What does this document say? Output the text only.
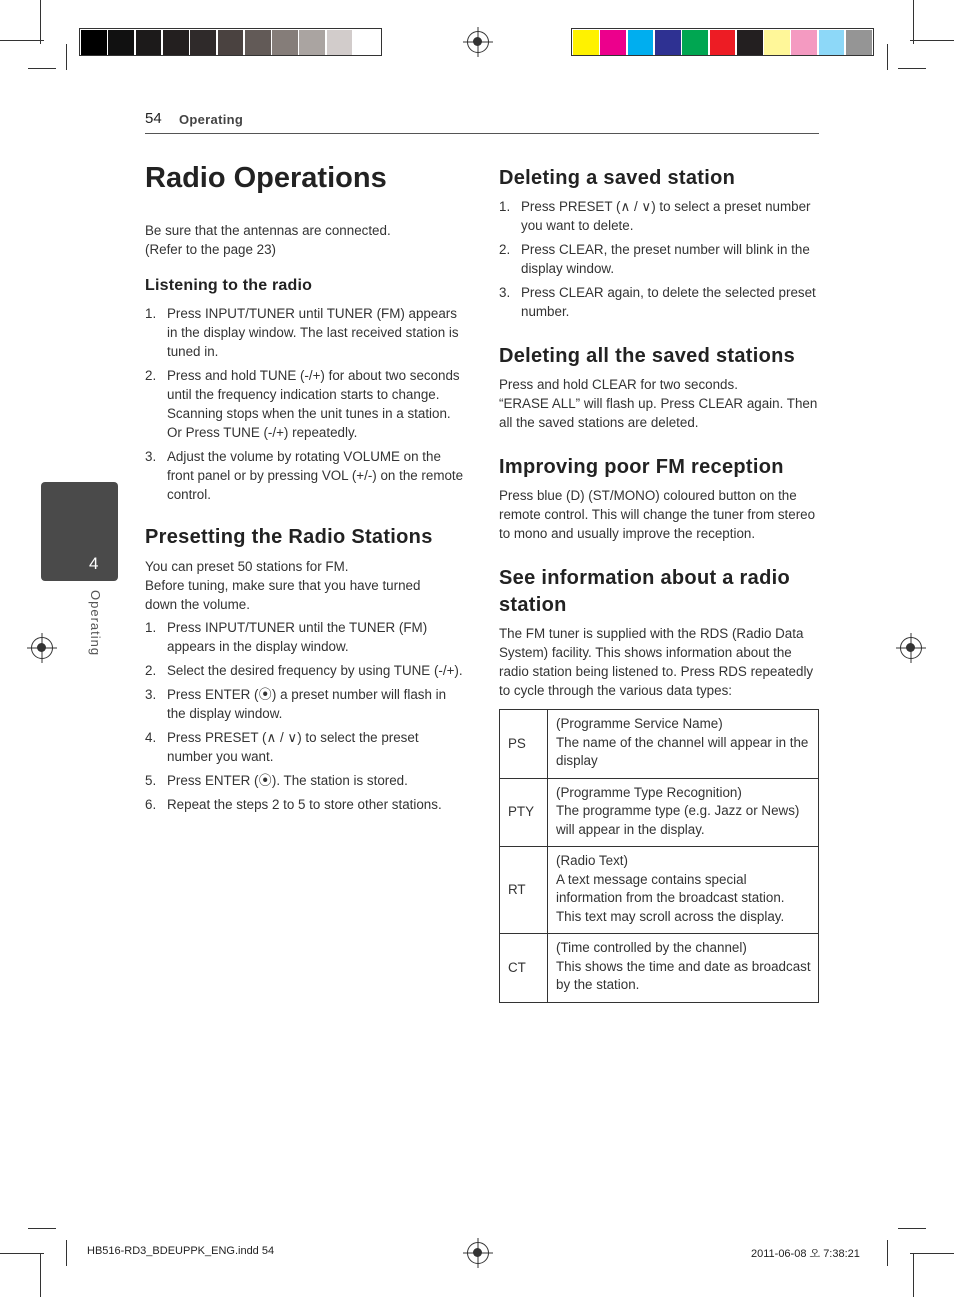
54 Operating
4
Operating
Radio Operations

Be sure that the antennas are connected.
(Refer to the page 23)

Listening to the radio
1. Press INPUT/TUNER until TUNER (FM) appears in the display window. The last received station is tuned in.
2. Press and hold TUNE (-/+) for about two seconds until the frequency indication starts to change. Scanning stops when the unit tunes in a station. Or Press TUNE (-/+) repeatedly.
3. Adjust the volume by rotating VOLUME on the front panel or by pressing VOL (+/-) on the remote control.
Presetting the Radio Stations

You can preset 50 stations for FM.
Before tuning, make sure that you have turned down the volume.

1. Press INPUT/TUNER until the TUNER (FM) appears in the display window.
2. Select the desired frequency by using TUNE (-/+).
3. Press ENTER (⦿) a preset number will flash in the display window.
4. Press PRESET (∧ / ∨) to select the preset number you want.
5. Press ENTER (⦿). The station is stored.
6. Repeat the steps 2 to 5 to store other stations.
Deleting a saved station
1. Press PRESET (∧ / ∨) to select a preset number you want to delete.
2. Press CLEAR, the preset number will blink in the display window.
3. Press CLEAR again, to delete the selected preset number.
Deleting all the saved stations

Press and hold CLEAR for two seconds.
“ERASE ALL” will flash up. Press CLEAR again. Then all the saved stations are deleted.

Improving poor FM reception

Press blue (D) (ST/MONO) coloured button on the remote control. This will change the tuner from stereo to mono and usually improve the reception.

See information about a radio
station

The FM tuner is supplied with the RDS (Radio Data System) facility. This shows information about the radio station being listened to. Press RDS repeatedly to cycle through the various data types:

PS	(Programme Service Name)
The name of the channel will appear in the display
PTY	(Programme Type Recognition)
The programme type (e.g. Jazz or News) will appear in the display.
RT	(Radio Text)
A text message contains special information from the broadcast station. This text may scroll across the display.
CT	(Time controlled by the channel)
This shows the time and date as broadcast by the station.
HB516-RD3_BDEUPPK_ENG.indd 54	2011-06-08 오 7:38:21
